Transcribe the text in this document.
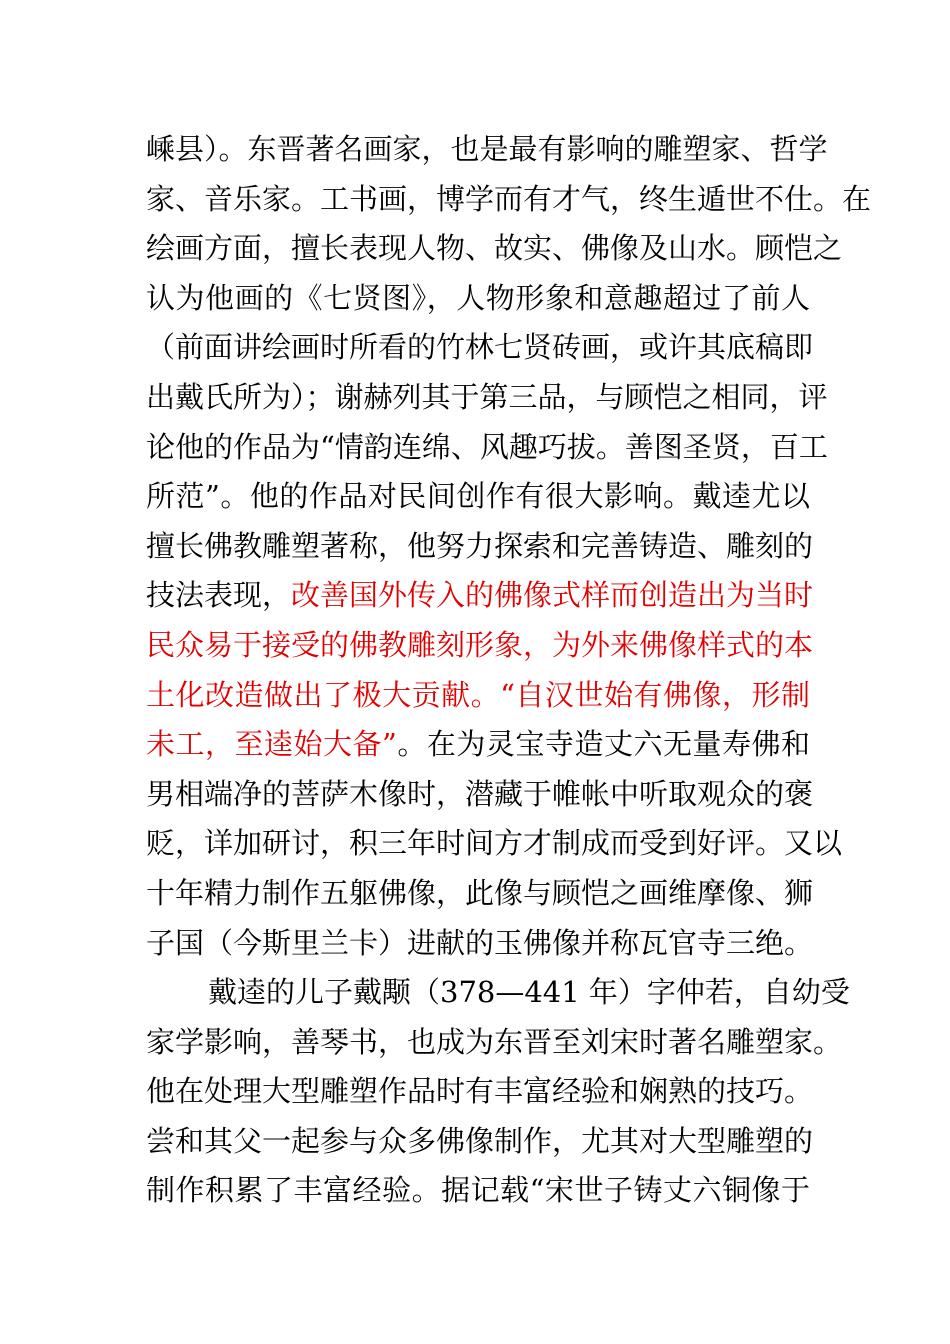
嵊县）。东晋著名画家，也是最有影响的雕塑家、哲学
家、音乐家。工书画，博学而有才气，终生遁世不仕。在
绘画方面，擅长表现人物、故实、佛像及山水。顾恺之
认为他画的《七贤图》，人物形象和意趣超过了前人
（前面讲绘画时所看的竹林七贤砖画，或许其底稿即
出戴氏所为）；谢赫列其于第三品，与顾恺之相同，评
论他的作品为“情韵连绵、风趣巧拔。善图圣贤，百工
所范”。他的作品对民间创作有很大影响。戴逵尤以
擅长佛教雕塑著称，他努力探索和完善铸造、雕刻的
技法表现，改善国外传入的佛像式样而创造出为当时
民众易于接受的佛教雕刻形象，为外来佛像样式的本
土化改造做出了极大贡献。“自汉世始有佛像，形制
未工，至逵始大备”。在为灵宝寺造丈六无量寿佛和
男相端净的菩萨木像时，潜藏于帷帐中听取观众的褒
贬，详加研讨，积三年时间方才制成而受到好评。又以
十年精力制作五躯佛像，此像与顾恺之画维摩像、狮
子国（今斯里兰卡）进献的玉佛像并称瓦官寺三绝。
戴逵的儿子戴颙（378—441 年）字仲若，自幼受
家学影响，善琴书，也成为东晋至刘宋时著名雕塑家。
他在处理大型雕塑作品时有丰富经验和娴熟的技巧。
尝和其父一起参与众多佛像制作，尤其对大型雕塑的
制作积累了丰富经验。据记载“宋世子铸丈六铜像于
